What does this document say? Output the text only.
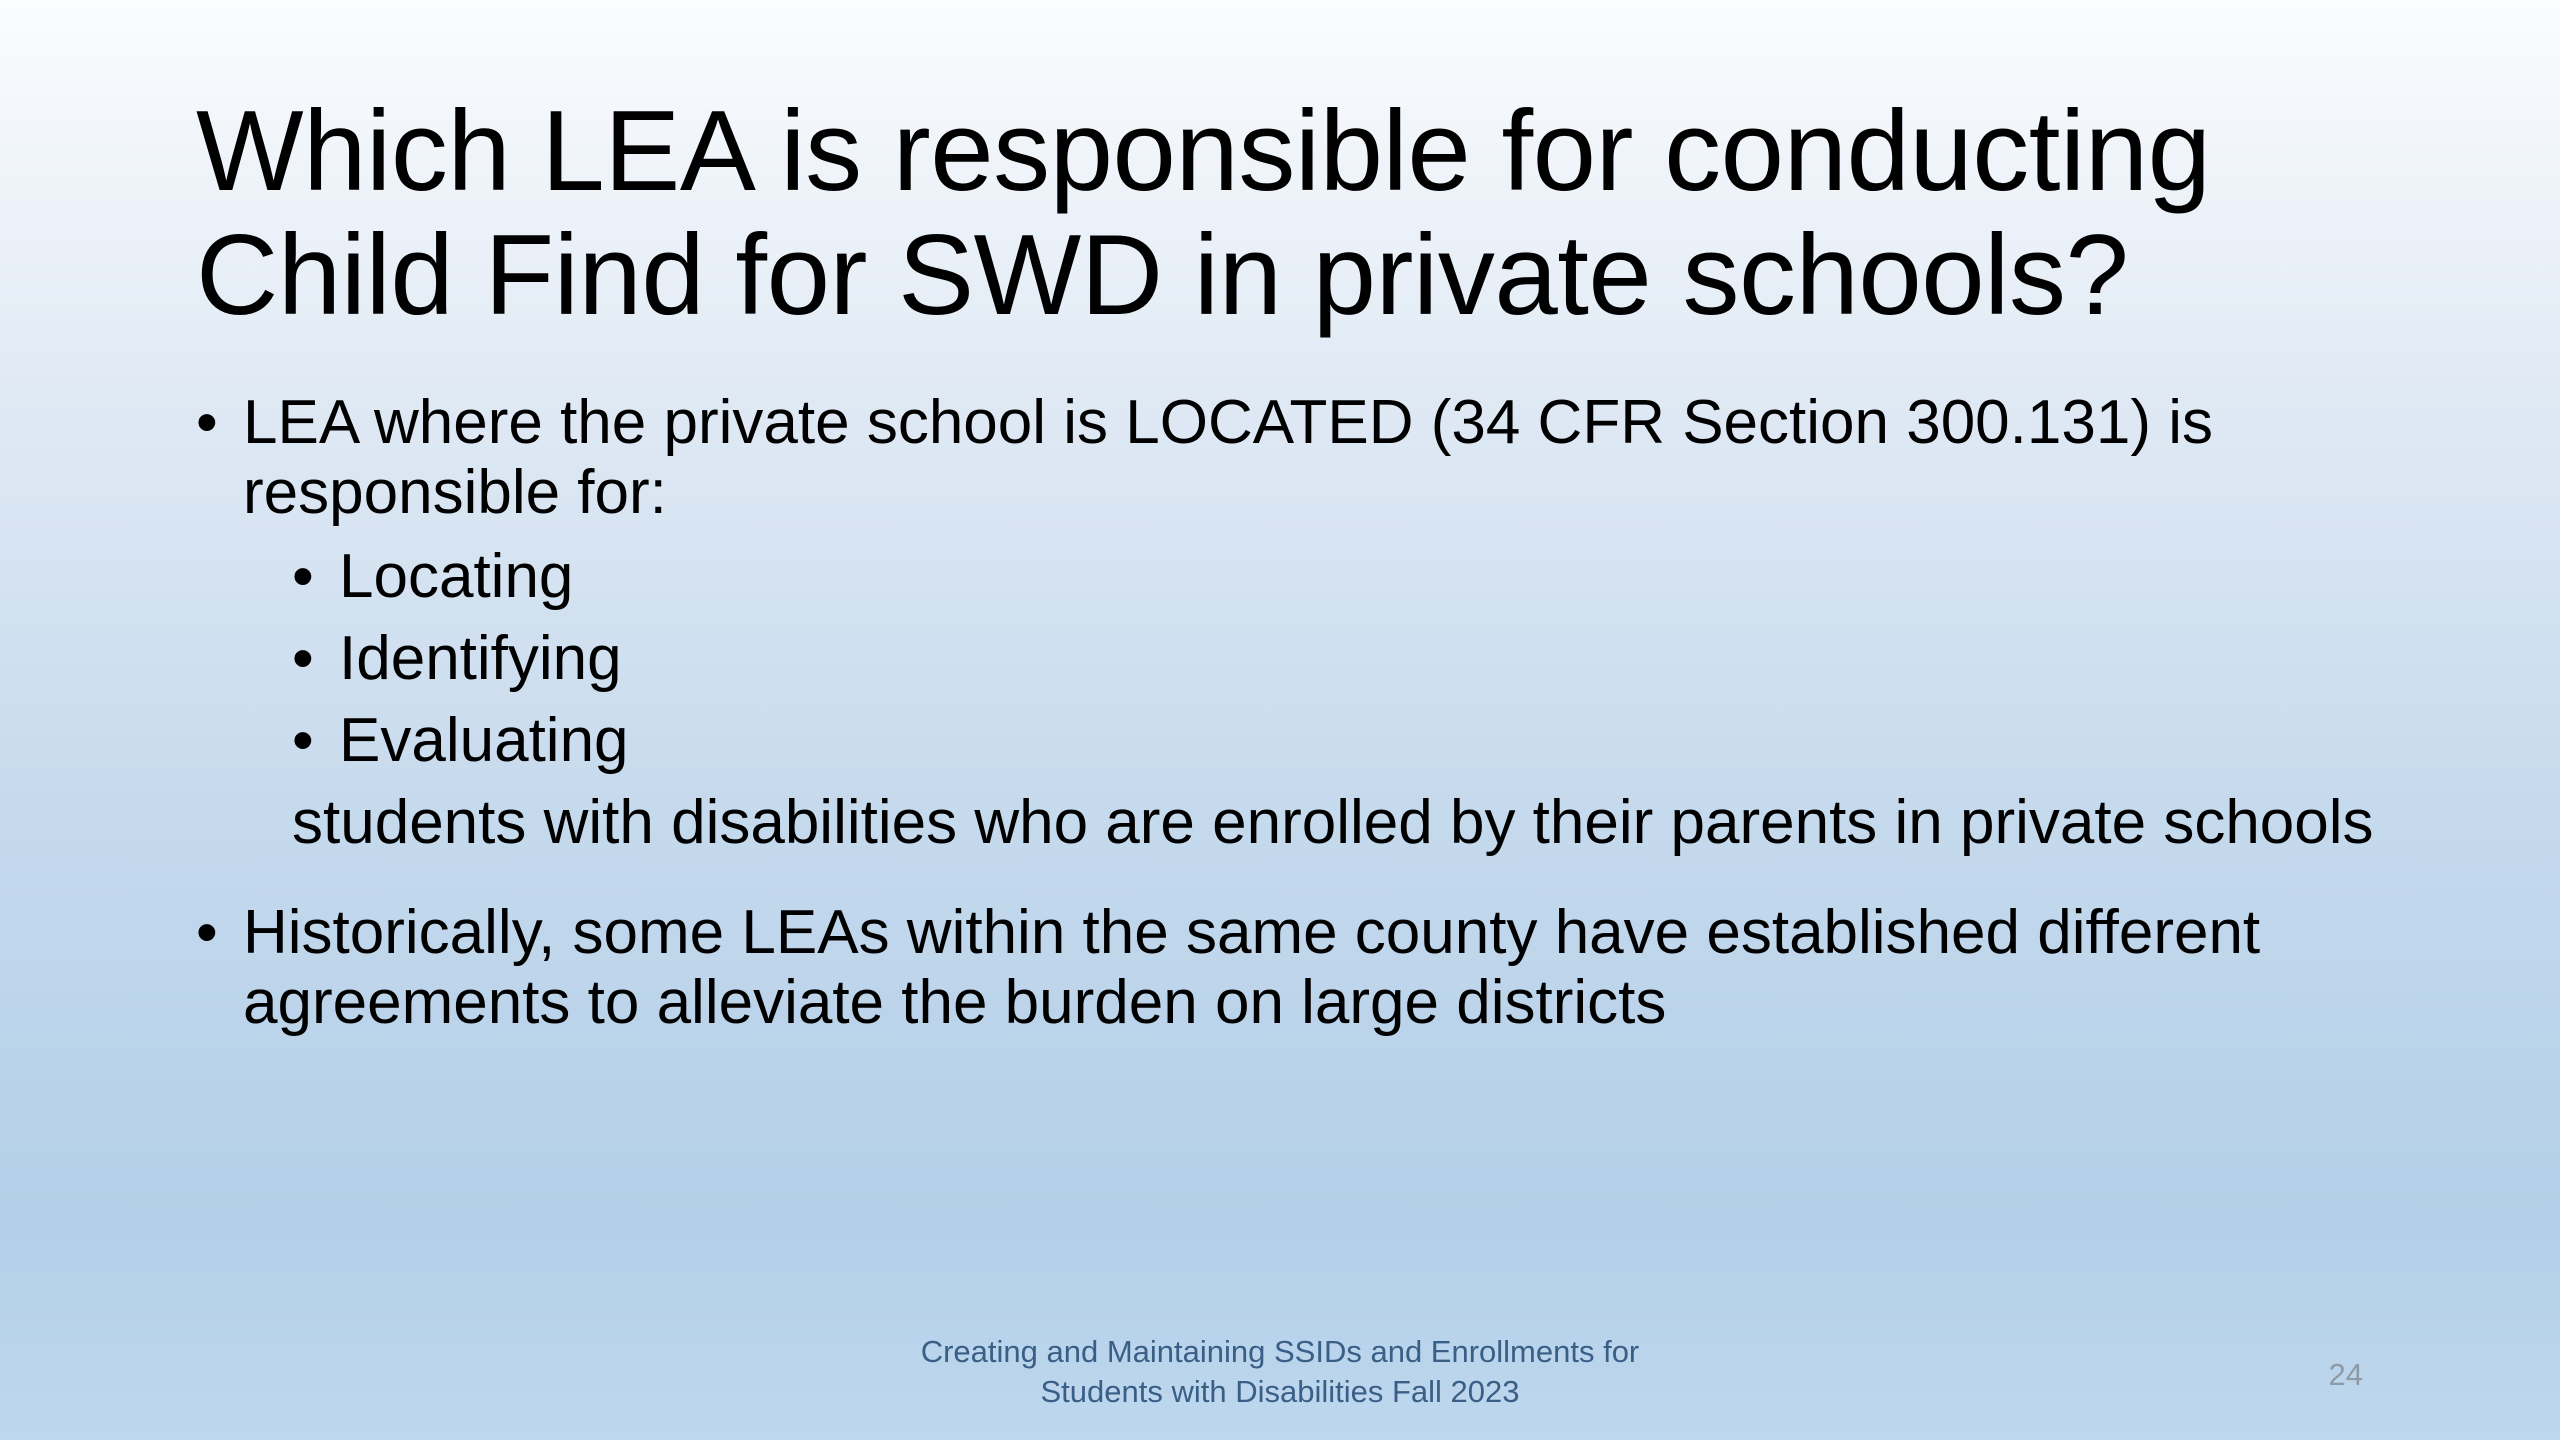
Which LEA is responsible for conducting
Child Find for SWD in private schools?
• LEA where the private school is LOCATED (34 CFR Section 300.131) is responsible for:
• Locating
• Identifying
• Evaluating
students with disabilities who are enrolled by their parents in private schools
• Historically, some LEAs within the same county have established different agreements to alleviate the burden on large districts
Creating and Maintaining SSIDs and Enrollments for
Students with Disabilities Fall 2023	24
